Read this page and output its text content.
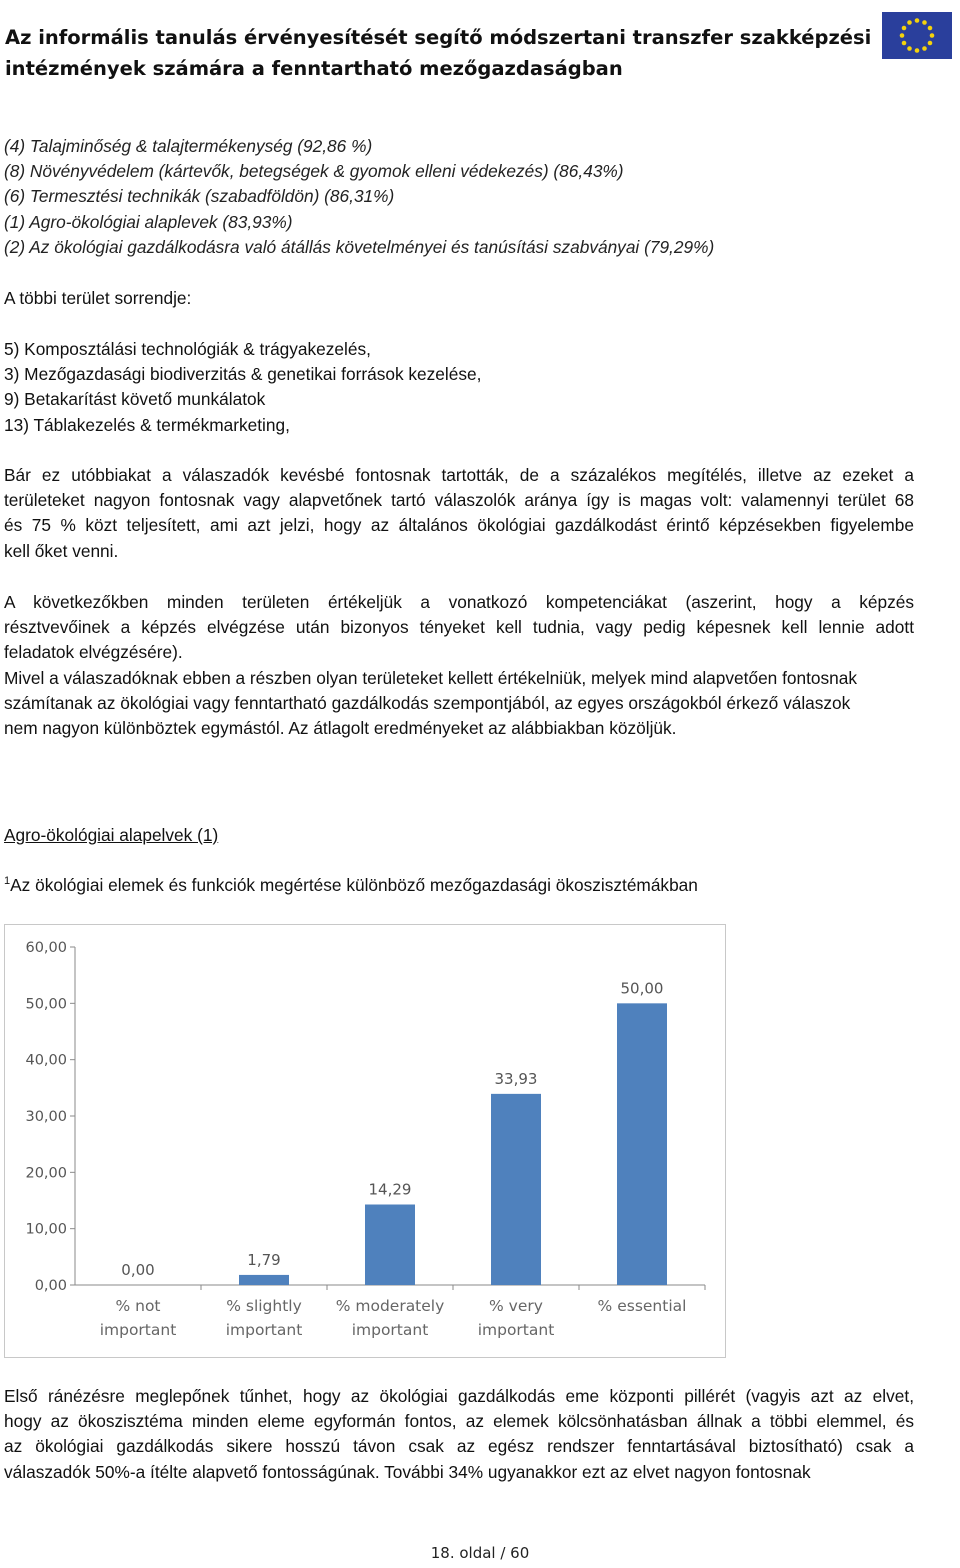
Az informális tanulás érvényesítését segítő módszertani transzfer szakképzési
intézmények számára a fenntartható mezőgazdaságban
(4) Talajminőség & talajtermékenység (92,86 %)
(8) Növényvédelem (kártevők, betegségek & gyomok elleni védekezés) (86,43%)
(6) Termesztési technikák (szabadföldön) (86,31%)
(1) Agro-ökológiai alaplevek (83,93%)
(2) Az ökológiai gazdálkodásra való átállás követelményei és tanúsítási szabványai (79,29%)
A többi terület sorrendje:
5) Komposztálási technológiák & trágyakezelés,
3) Mezőgazdasági biodiverzitás & genetikai források kezelése,
9) Betakarítást követő munkálatok
13) Táblakezelés & termékmarketing,
Bár ez utóbbiakat a válaszadók kevésbé fontosnak tartották, de a százalékos megítélés, illetve az ezeket a
területeket nagyon fontosnak vagy alapvetőnek tartó válaszolók aránya így is magas volt: valamennyi terület 68
és 75 % közt teljesített, ami azt jelzi, hogy az általános ökológiai gazdálkodást érintő képzésekben figyelembe
kell őket venni.
A következőkben minden területen értékeljük a vonatkozó kompetenciákat (aszerint, hogy a képzés
résztvevőinek a képzés elvégzése után bizonyos tényeket kell tudnia, vagy pedig képesnek kell lennie adott
feladatok elvégzésére).
Mivel a válaszadóknak ebben a részben olyan területeket kellett értékelniük, melyek mind alapvetően fontosnak
számítanak az ökológiai vagy fenntartható gazdálkodás szempontjából, az egyes országokból érkező válaszok
nem nagyon különböztek egymástól. Az átlagolt eredményeket az alábbiakban közöljük.
Agro-ökológiai alapelvek (1)
$^1$Az ökológiai elemek és funkciók megértése különböző mezőgazdasági ökoszisztémákban
0,00
10,00
20,00
30,00
40,00
50,00
60,00
0,00
% not
important
1,79
% slightly
important
14,29
% moderately
important
33,93
% very
important
50,00
% essential
Első ránézésre meglepőnek tűnhet, hogy az ökológiai gazdálkodás eme központi pillérét (vagyis azt az elvet,
hogy az ökoszisztéma minden eleme egyformán fontos, az elemek kölcsönhatásban állnak a többi elemmel, és
az ökológiai gazdálkodás sikere hosszú távon csak az egész rendszer fenntartásával biztosítható) csak a
válaszadók 50%-a ítélte alapvető fontosságúnak. További 34% ugyanakkor ezt az elvet nagyon fontosnak
18. oldal / 60
